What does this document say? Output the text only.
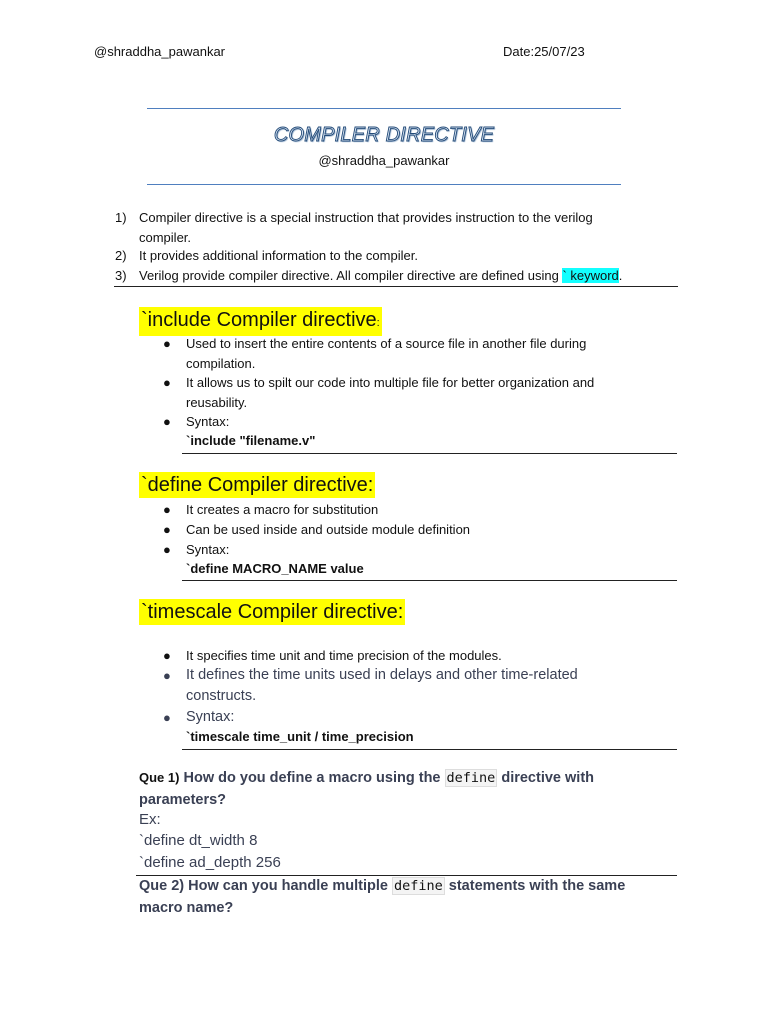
@shraddha_pawankar	Date:25/07/23
COMPILER DIRECTIVE
@shraddha_pawankar
1) Compiler directive is a special instruction that provides instruction to the verilog
compiler.
2) It provides additional information to the compiler.
3) Verilog provide compiler directive. All compiler directive are defined using ` keyword.
`include Compiler directive:
● Used to insert the entire contents of a source file in another file during
compilation.
● It allows us to spilt our code into multiple file for better organization and
reusability.
● Syntax:
`include "filename.v"
`define Compiler directive:
● It creates a macro for substitution
● Can be used inside and outside module definition
● Syntax:
`define MACRO_NAME value
`timescale Compiler directive:
● It specifies time unit and time precision of the modules.
● It defines the time units used in delays and other time-related
constructs.
● Syntax:
`timescale time_unit / time_precision
Que 1) How do you define a macro using the define directive with
parameters?
Ex:
`define dt_width 8
`define ad_depth 256
Que 2) How can you handle multiple define statements with the same
macro name?
